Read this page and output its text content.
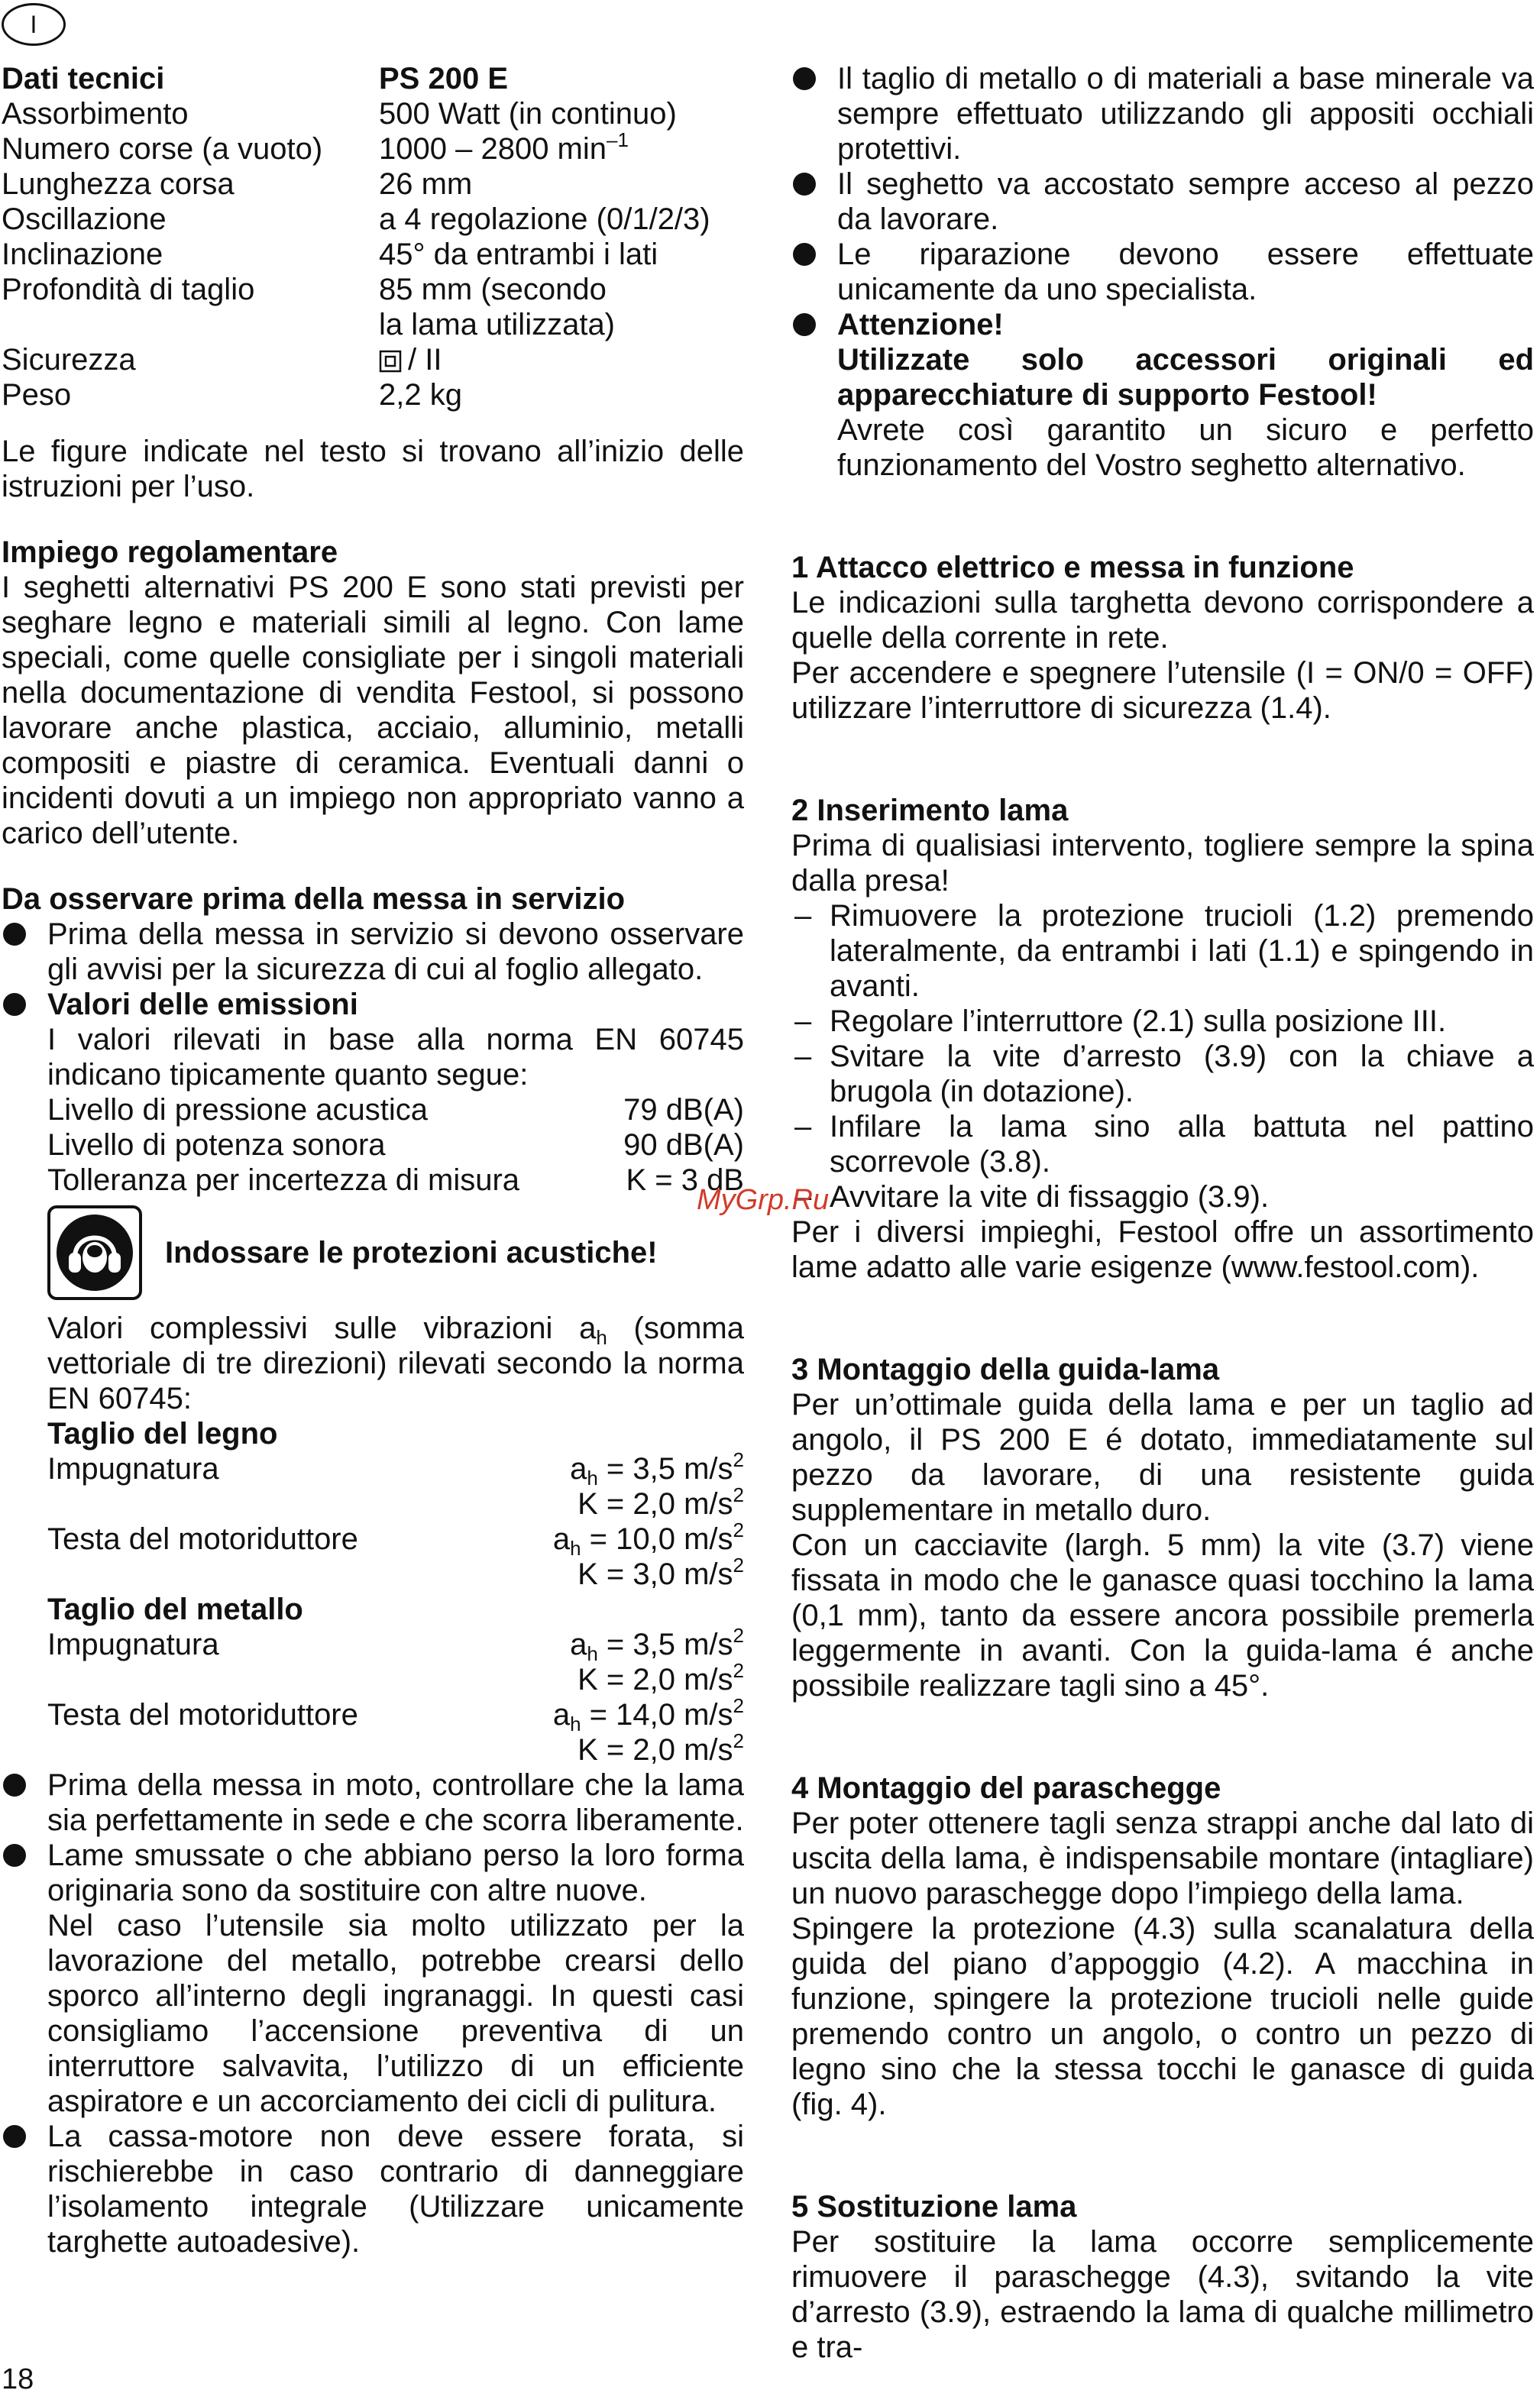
I
Dati tecnici	PS 200 E
Assorbimento	500 Watt (in continuo)
Numero corse (a vuoto)	1000 – 2800 $\min^{-1}$
Lunghezza corsa	26 mm
Oscillazione	a 4 regolazione (0/1/2/3)
Inclinazione	45° da entrambi i lati
Profondità di taglio	85 mm (secondo
la lama utilizzata)

Sicurezza	/ II
Peso	2,2 kg

Le figure indicate nel testo si trovano all’inizio delle istruzioni per l’uso.

Impiego regolamentare

I seghetti alternativi PS 200 E sono stati previsti per seghare legno e materiali simili al legno. Con lame speciali, come quelle consigliate per i singoli materiali nella documentazione di vendita Festool, si possono lavorare anche plastica, acciaio, alluminio, metalli compositi e piastre di ceramica. Eventuali danni o incidenti dovuti a un impiego non appropriato vanno a carico dell’utente.

Da osservare prima della messa in servizio

Prima della messa in servizio si devono osservare gli avvisi per la sicurezza di cui al foglio allegato.
Valori delle emissioni

I valori rilevati in base alla norma EN 60745 indicano tipicamente quanto segue:

Livello di pressione acustica	79 dB(A)
Livello di potenza sonora	90 dB(A)
Tolleranza per incertezza di misura	K = 3 dB
Indossare le protezioni acustiche!

Valori complessivi sulle vibrazioni $a_h$ (somma vettoriale di tre direzioni) rilevati secondo la norma EN 60745:

Taglio del legno

Impugnatura	$a_h = 3,5$ $m/s^2$
K = 2,0 $m/s^2$
Testa del motoriduttore	$a_h = 10,0$ $m/s^2$
K = 3,0 $m/s^2$

Taglio del metallo

Impugnatura	$a_h = 3,5$ $m/s^2$
K = 2,0 $m/s^2$
Testa del motoriduttore	$a_h = 14,0$ $m/s^2$
K = 2,0 $m/s^2$
Prima della messa in moto, controllare che la lama sia perfettamente in sede e che scorra liberamente.
Lame smussate o che abbiano perso la loro forma originaria sono da sostituire con altre nuove.

Nel caso l’utensile sia molto utilizzato per la lavorazione del metallo, potrebbe crearsi dello sporco all’interno degli ingranaggi. In questi casi consigliamo l’accensione preventiva di un interruttore salvavita, l’utilizzo di un efficiente aspiratore e un accorciamento dei cicli di pulitura.

La cassa-motore non deve essere forata, si rischierebbe in caso contrario di danneggiare l’isolamento integrale (Utilizzare unicamente targhette autoadesive).
Il taglio di metallo o di materiali a base minerale va sempre effettuato utilizzando gli appositi occhiali protettivi.
Il seghetto va accostato sempre acceso al pezzo da lavorare.
Le riparazione devono essere effettuate unicamente da uno specialista.
Attenzione!

Utilizzate solo accessori originali ed apparecchiature di supporto Festool!

Avrete così garantito un sicuro e perfetto funzionamento del Vostro seghetto alternativo.

1 Attacco elettrico e messa in funzione

Le indicazioni sulla targhetta devono corrispondere a quelle della corrente in rete.

Per accendere e spegnere l’utensile (I = ON/0 = OFF) utilizzare l’interruttore di sicurezza (1.4).

2 Inserimento lama

Prima di qualisiasi intervento, togliere sempre la spina dalla presa!

– Rimuovere la protezione trucioli (1.2) premendo lateralmente, da entrambi i lati (1.1) e spingendo in avanti.
– Regolare l’interruttore (2.1) sulla posizione III.
– Svitare la vite d’arresto (3.9) con la chiave a brugola (in dotazione).
– Infilare la lama sino alla battuta nel pattino scorrevole (3.8).
– Avvitare la vite di fissaggio (3.9).

Per i diversi impieghi, Festool offre un assortimento lame adatto alle varie esigenze (www.festool.com).

3 Montaggio della guida-lama

Per un’ottimale guida della lama e per un taglio ad angolo, il PS 200 E é dotato, immediatamente sul pezzo da lavorare, di una resistente guida supplementare in metallo duro.

Con un cacciavite (largh. 5 mm) la vite (3.7) viene fissata in modo che le ganasce quasi tocchino la lama (0,1 mm), tanto da essere ancora possibile premerla leggermente in avanti. Con la guida-lama é anche possibile realizzare tagli sino a 45°.

4 Montaggio del paraschegge

Per poter ottenere tagli senza strappi anche dal lato di uscita della lama, è indispensabile montare (intagliare) un nuovo paraschegge dopo l’impiego della lama.

Spingere la protezione (4.3) sulla scanalatura della guida del piano d’appoggio (4.2). A macchina in funzione, spingere la protezione trucioli nelle guide premendo contro un angolo, o contro un pezzo di legno sino che la stessa tocchi le ganasce di guida (fig. 4).

5 Sostituzione lama

Per sostituire la lama occorre semplicemente rimuovere il paraschegge (4.3), svitando la vite d’arresto (3.9), estraendo la lama di qualche millimetro e tra-

MyGrp.Ru
18
